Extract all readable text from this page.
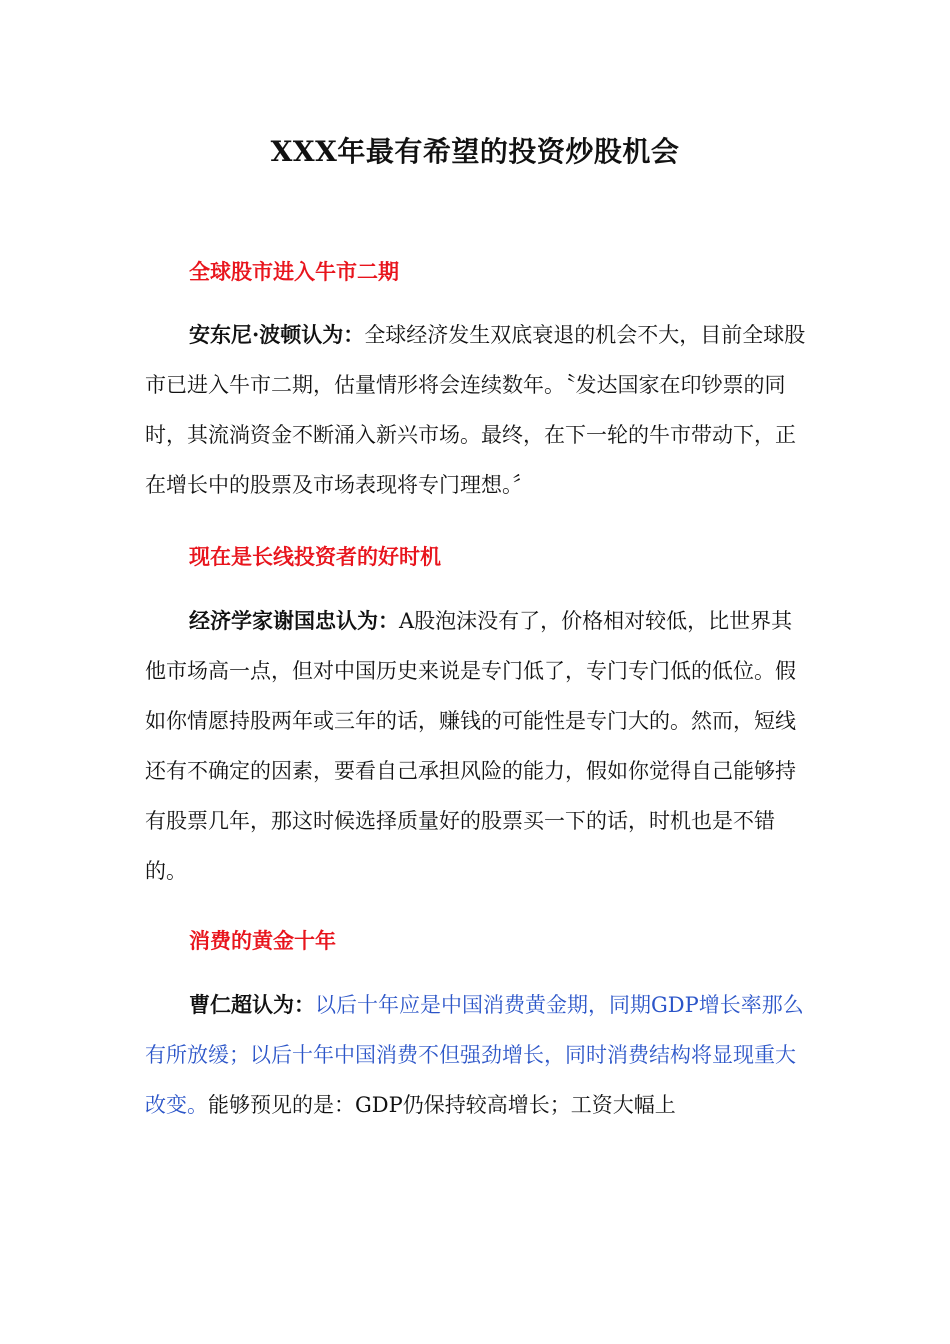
XXX年最有希望的投资炒股机会
全球股市进入牛市二期
安东尼·波顿认为：全球经济发生双底衰退的机会不大，目前全球股市已进入牛市二期，估量情形将会连续数年。〝发达国家在印钞票的同时，其流淌资金不断涌入新兴市场。最终，在下一轮的牛市带动下，正在增长中的股票及市场表现将专门理想。〞
现在是长线投资者的好时机
经济学家谢国忠认为：A股泡沫没有了，价格相对较低，比世界其他市场高一点，但对中国历史来说是专门低了，专门专门低的低位。假如你情愿持股两年或三年的话，赚钱的可能性是专门大的。然而，短线还有不确定的因素，要看自己承担风险的能力，假如你觉得自己能够持有股票几年，那这时候选择质量好的股票买一下的话，时机也是不错的。
消费的黄金十年
曹仁超认为：以后十年应是中国消费黄金期，同期GDP增长率那么有所放缓；以后十年中国消费不但强劲增长，同时消费结构将显现重大改变。能够预见的是：GDP仍保持较高增长；工资大幅上
